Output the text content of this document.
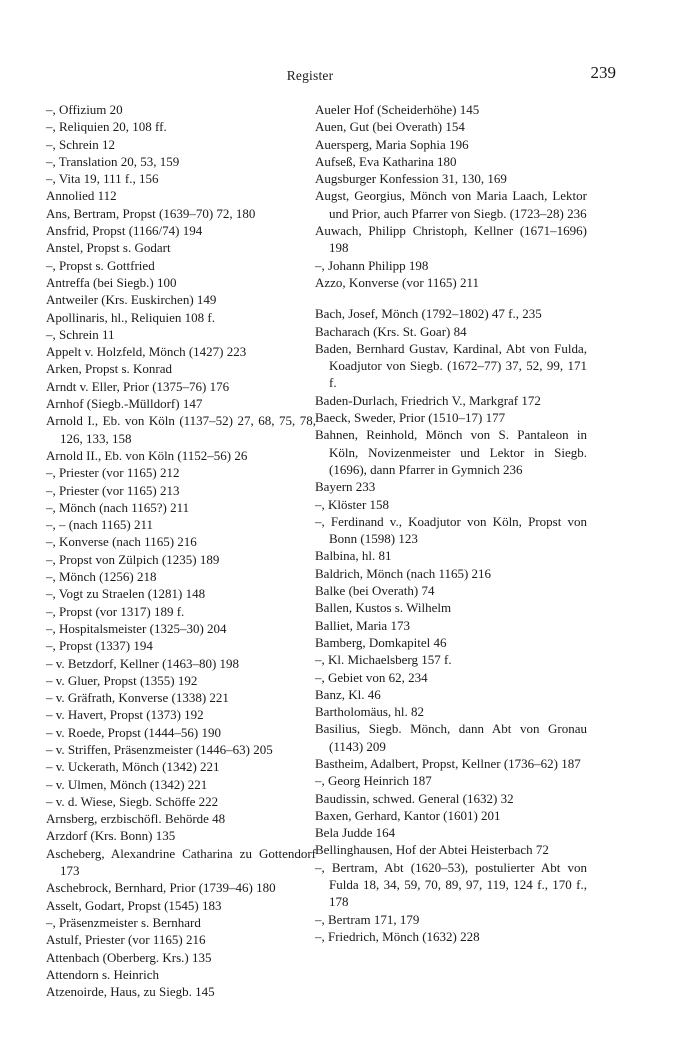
Register	239
–, Offizium 20
–, Reliquien 20, 108 ff.
–, Schrein 12
–, Translation 20, 53, 159
–, Vita 19, 111 f., 156
Annolied 112
Ans, Bertram, Propst (1639–70) 72, 180
Ansfrid, Propst (1166/74) 194
Anstel, Propst s. Godart
–, Propst s. Gottfried
Antreffa (bei Siegb.) 100
Antweiler (Krs. Euskirchen) 149
Apollinaris, hl., Reliquien 108 f.
–, Schrein 11
Appelt v. Holzfeld, Mönch (1427) 223
Arken, Propst s. Konrad
Arndt v. Eller, Prior (1375–76) 176
Arnhof (Siegb.-Mülldorf) 147
Arnold I., Eb. von Köln (1137–52) 27, 68, 75, 78, 126, 133, 158
Arnold II., Eb. von Köln (1152–56) 26
–, Priester (vor 1165) 212
–, Priester (vor 1165) 213
–, Mönch (nach 1165?) 211
–, – (nach 1165) 211
–, Konverse (nach 1165) 216
–, Propst von Zülpich (1235) 189
–, Mönch (1256) 218
–, Vogt zu Straelen (1281) 148
–, Propst (vor 1317) 189 f.
–, Hospitalsmeister (1325–30) 204
–, Propst (1337) 194
– v. Betzdorf, Kellner (1463–80) 198
– v. Gluer, Propst (1355) 192
– v. Gräfrath, Konverse (1338) 221
– v. Havert, Propst (1373) 192
– v. Roede, Propst (1444–56) 190
– v. Striffen, Präsenzmeister (1446–63) 205
– v. Uckerath, Mönch (1342) 221
– v. Ulmen, Mönch (1342) 221
– v. d. Wiese, Siegb. Schöffe 222
Arnsberg, erzbischöfl. Behörde 48
Arzdorf (Krs. Bonn) 135
Ascheberg, Alexandrine Catharina zu Gottendorf 173
Aschebrock, Bernhard, Prior (1739–46) 180
Asselt, Godart, Propst (1545) 183
–, Präsenzmeister s. Bernhard
Astulf, Priester (vor 1165) 216
Attenbach (Oberberg. Krs.) 135
Attendorn s. Heinrich
Atzenoirde, Haus, zu Siegb. 145
Aueler Hof (Scheiderhöhe) 145
Auen, Gut (bei Overath) 154
Auersperg, Maria Sophia 196
Aufseß, Eva Katharina 180
Augsburger Konfession 31, 130, 169
Augst, Georgius, Mönch von Maria Laach, Lektor und Prior, auch Pfarrer von Siegb. (1723–28) 236
Auwach, Philipp Christoph, Kellner (1671–1696) 198
–, Johann Philipp 198
Azzo, Konverse (vor 1165) 211
Bach, Josef, Mönch (1792–1802) 47 f., 235
Bacharach (Krs. St. Goar) 84
Baden, Bernhard Gustav, Kardinal, Abt von Fulda, Koadjutor von Siegb. (1672–77) 37, 52, 99, 171 f.
Baden-Durlach, Friedrich V., Markgraf 172
Baeck, Sweder, Prior (1510–17) 177
Bahnen, Reinhold, Mönch von S. Pantaleon in Köln, Novizenmeister und Lektor in Siegb. (1696), dann Pfarrer in Gymnich 236
Bayern 233
–, Klöster 158
–, Ferdinand v., Koadjutor von Köln, Propst von Bonn (1598) 123
Balbina, hl. 81
Baldrich, Mönch (nach 1165) 216
Balke (bei Overath) 74
Ballen, Kustos s. Wilhelm
Balliet, Maria 173
Bamberg, Domkapitel 46
–, Kl. Michaelsberg 157 f.
–, Gebiet von 62, 234
Banz, Kl. 46
Bartholomäus, hl. 82
Basilius, Siegb. Mönch, dann Abt von Gronau (1143) 209
Bastheim, Adalbert, Propst, Kellner (1736–62) 187
–, Georg Heinrich 187
Baudissin, schwed. General (1632) 32
Baxen, Gerhard, Kantor (1601) 201
Bela Judde 164
Bellinghausen, Hof der Abtei Heisterbach 72
–, Bertram, Abt (1620–53), postulierter Abt von Fulda 18, 34, 59, 70, 89, 97, 119, 124 f., 170 f., 178
–, Bertram 171, 179
–, Friedrich, Mönch (1632) 228
